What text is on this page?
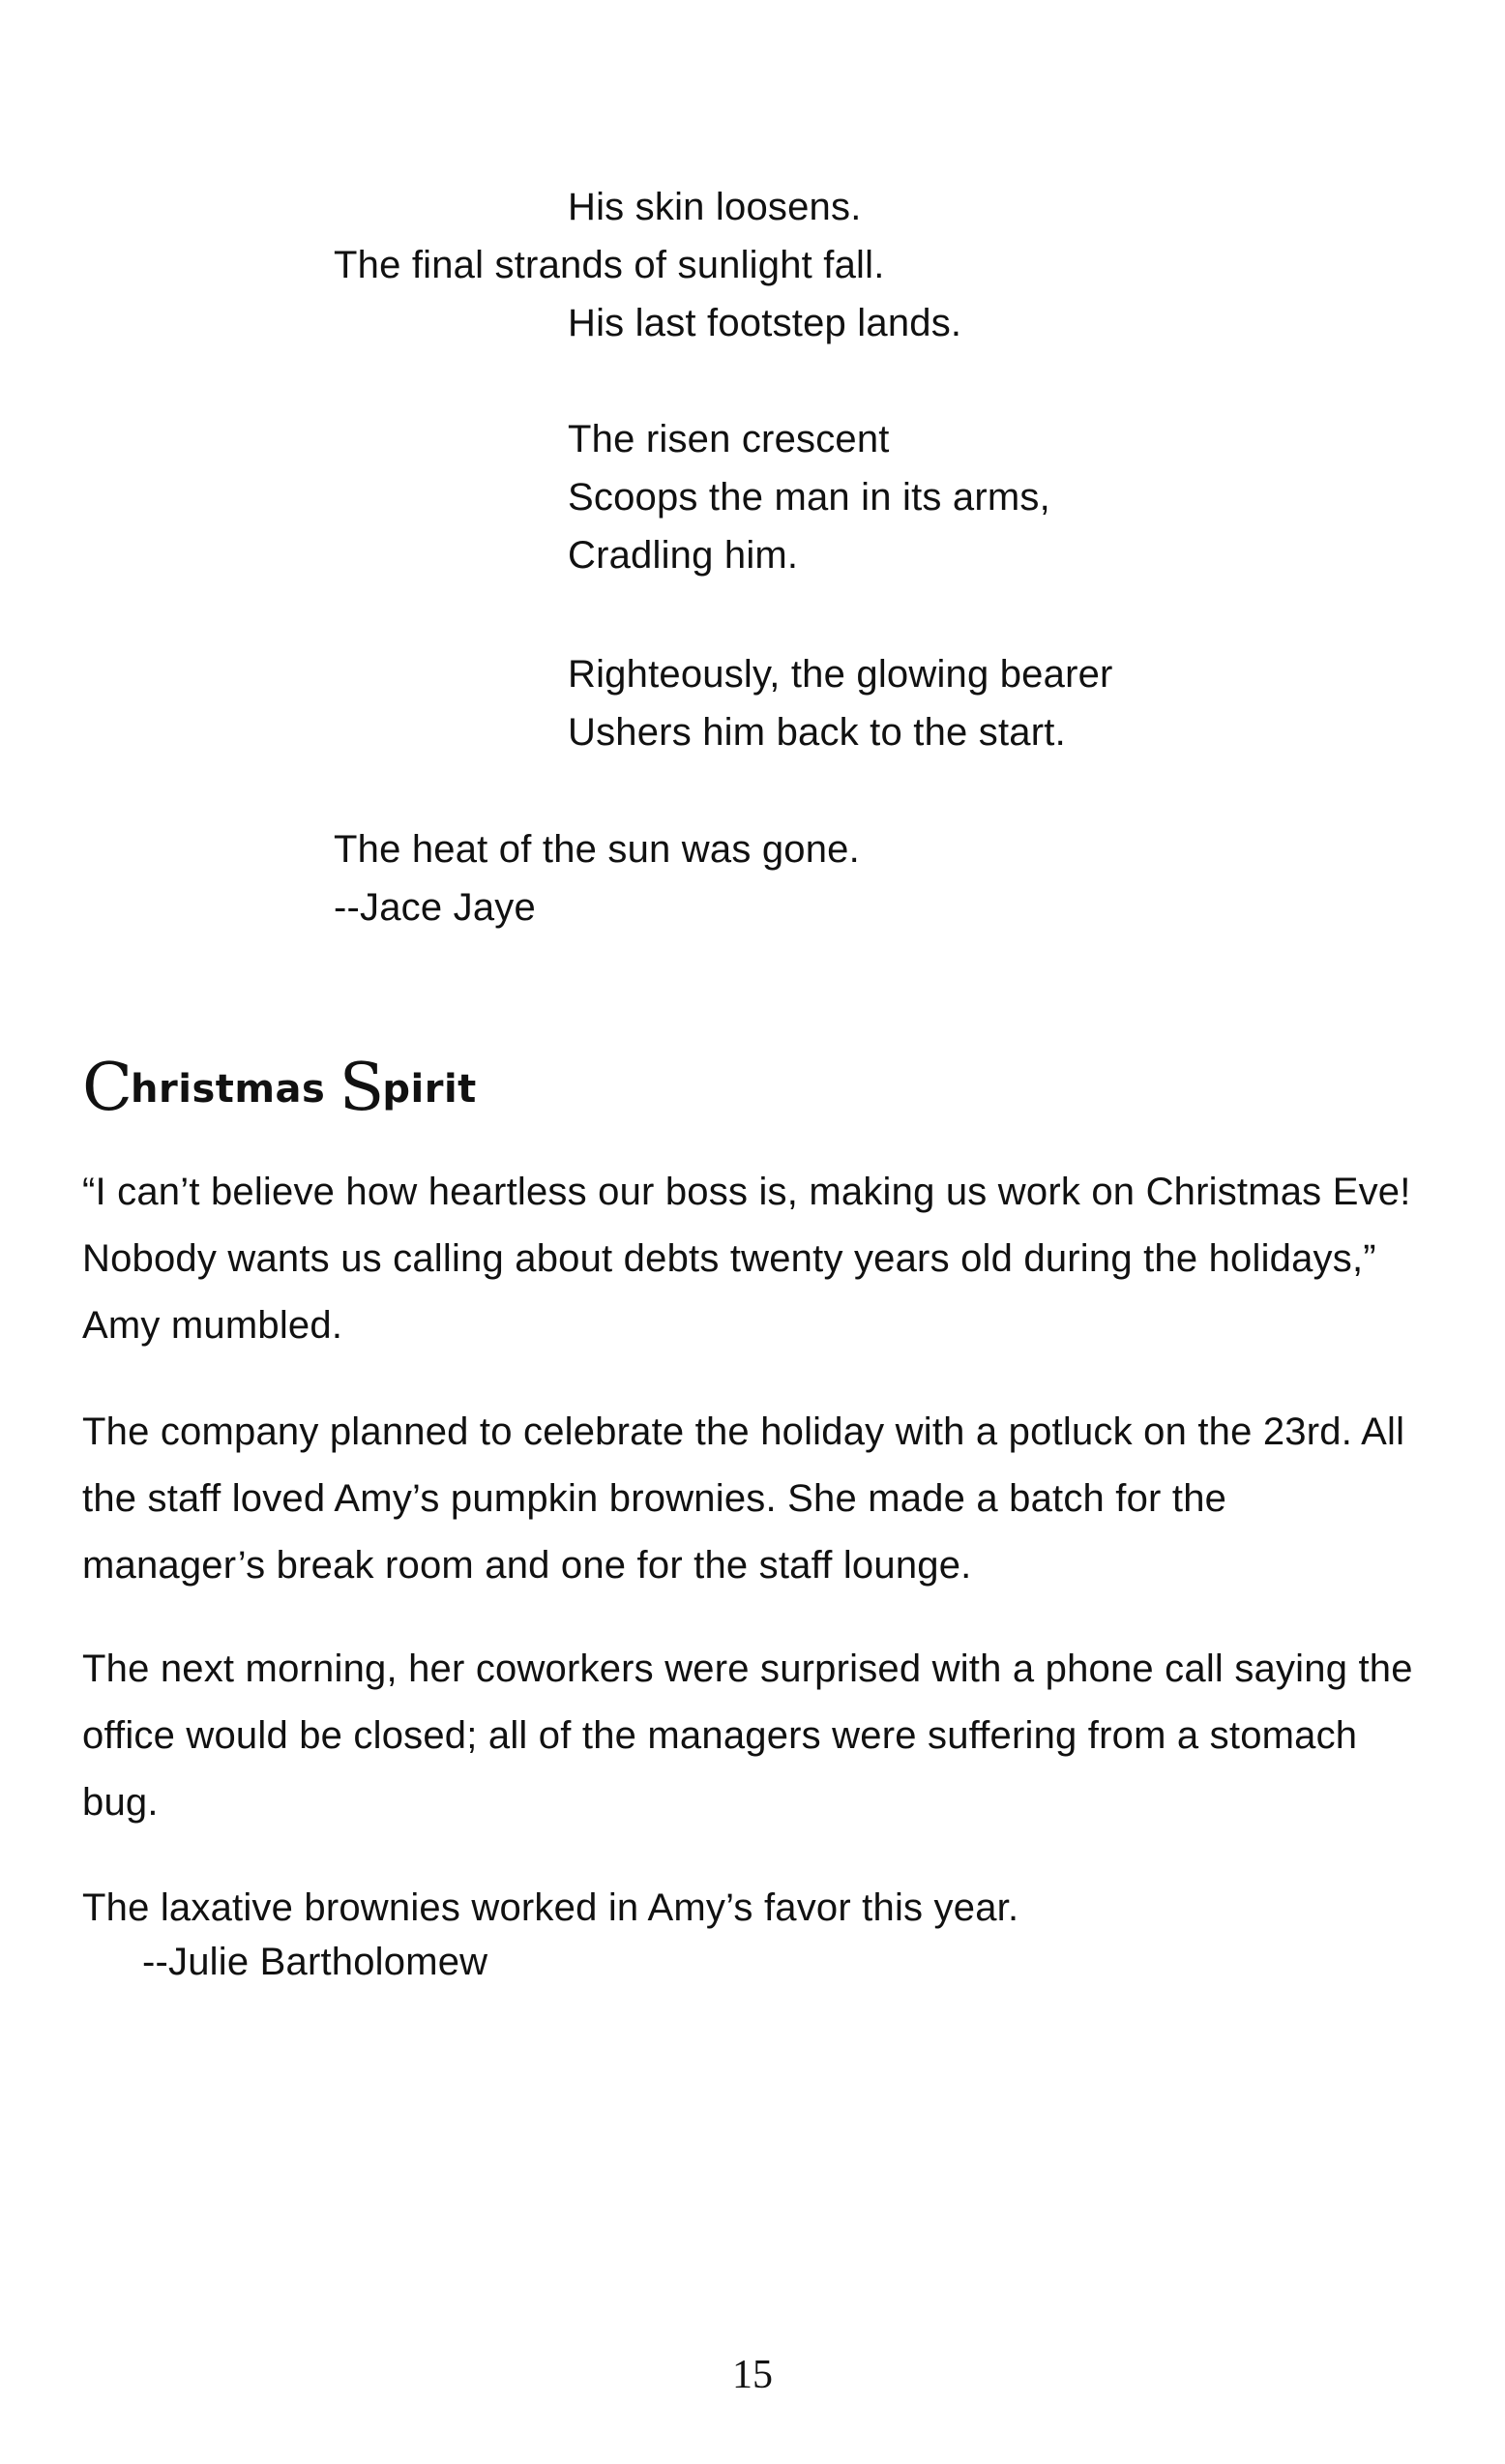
His skin loosens.
The final strands of sunlight fall.
His last footstep lands.
The risen crescent
Scoops the man in its arms,
Cradling him.
Righteously, the glowing bearer
Ushers him back to the start.
The heat of the sun was gone.
--Jace Jaye
Christmas Spirit
“I can’t believe how heartless our boss is, making us work on Christmas Eve! Nobody wants us calling about debts twenty years old during the holidays,” Amy mumbled.
The company planned to celebrate the holiday with a potluck on the 23rd. All the staff loved Amy’s pumpkin brownies. She made a batch for the manager’s break room and one for the staff lounge.
The next morning, her coworkers were surprised with a phone call saying the office would be closed; all of the managers were suffering from a stomach bug.
The laxative brownies worked in Amy’s favor this year.
--Julie Bartholomew
15
